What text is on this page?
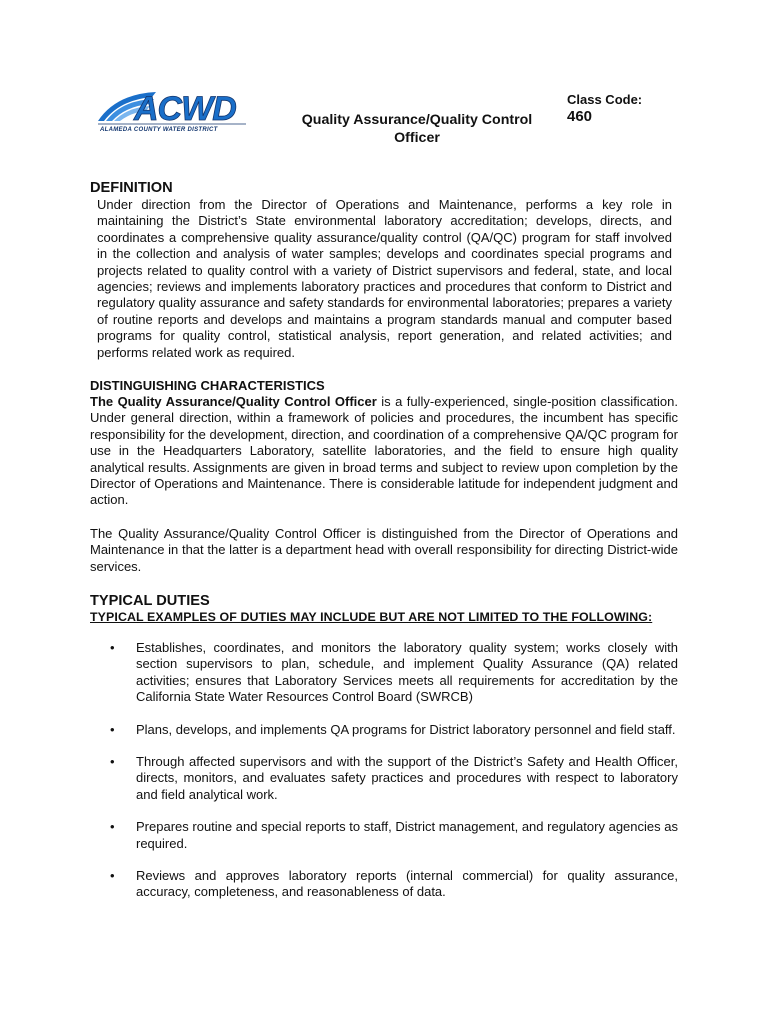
ACWD
ALAMEDA COUNTY WATER DISTRICT
Quality Assurance/Quality Control Officer
Class Code:
460
DEFINITION
Under direction from the Director of Operations and Maintenance, performs a key role in maintaining the District’s State environmental laboratory accreditation; develops, directs, and coordinates a comprehensive quality assurance/quality control (QA/QC) program for staff involved in the collection and analysis of water samples; develops and coordinates special programs and projects related to quality control with a variety of District supervisors and federal, state, and local agencies; reviews and implements laboratory practices and procedures that conform to District and regulatory quality assurance and safety standards for environmental laboratories; prepares a variety of routine reports and develops and maintains a program standards manual and computer based programs for quality control, statistical analysis, report generation, and related activities; and performs related work as required.
DISTINGUISHING CHARACTERISTICS
The Quality Assurance/Quality Control Officer is a fully-experienced, single-position classification. Under general direction, within a framework of policies and procedures, the incumbent has specific responsibility for the development, direction, and coordination of a comprehensive QA/QC program for use in the Headquarters Laboratory, satellite laboratories, and the field to ensure high quality analytical results. Assignments are given in broad terms and subject to review upon completion by the Director of Operations and Maintenance. There is considerable latitude for independent judgment and action.
The Quality Assurance/Quality Control Officer is distinguished from the Director of Operations and Maintenance in that the latter is a department head with overall responsibility for directing District-wide services.
TYPICAL DUTIES
TYPICAL EXAMPLES OF DUTIES MAY INCLUDE BUT ARE NOT LIMITED TO THE FOLLOWING:
• Establishes, coordinates, and monitors the laboratory quality system; works closely with section supervisors to plan, schedule, and implement Quality Assurance (QA) related activities; ensures that Laboratory Services meets all requirements for accreditation by the California State Water Resources Control Board (SWRCB)
• Plans, develops, and implements QA programs for District laboratory personnel and field staff.
• Through affected supervisors and with the support of the District’s Safety and Health Officer, directs, monitors, and evaluates safety practices and procedures with respect to laboratory and field analytical work.
• Prepares routine and special reports to staff, District management, and regulatory agencies as required.
• Reviews and approves laboratory reports (internal commercial) for quality assurance, accuracy, completeness, and reasonableness of data.
